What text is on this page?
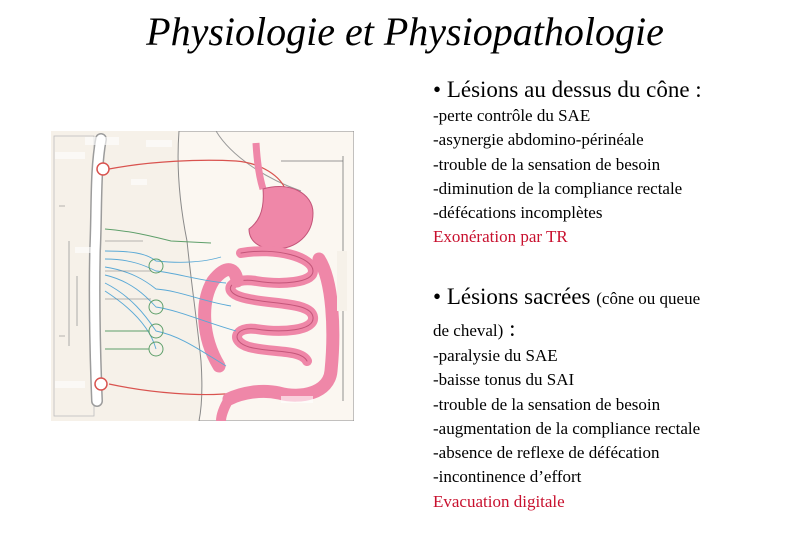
Physiologie et Physiopathologie
• Lésions au dessus du cône :
-perte contrôle du SAE
-asynergie abdomino-périnéale
-trouble de la sensation de besoin
-diminution de la compliance rectale
-défécations incomplètes
Exonération par TR
• Lésions sacrées (cône ou queue
de cheval) :
-paralysie du SAE
-baisse tonus du SAI
-trouble de la sensation de besoin
-augmentation de la compliance rectale
-absence de reflexe de défécation
-incontinence d’effort
Evacuation digitale
